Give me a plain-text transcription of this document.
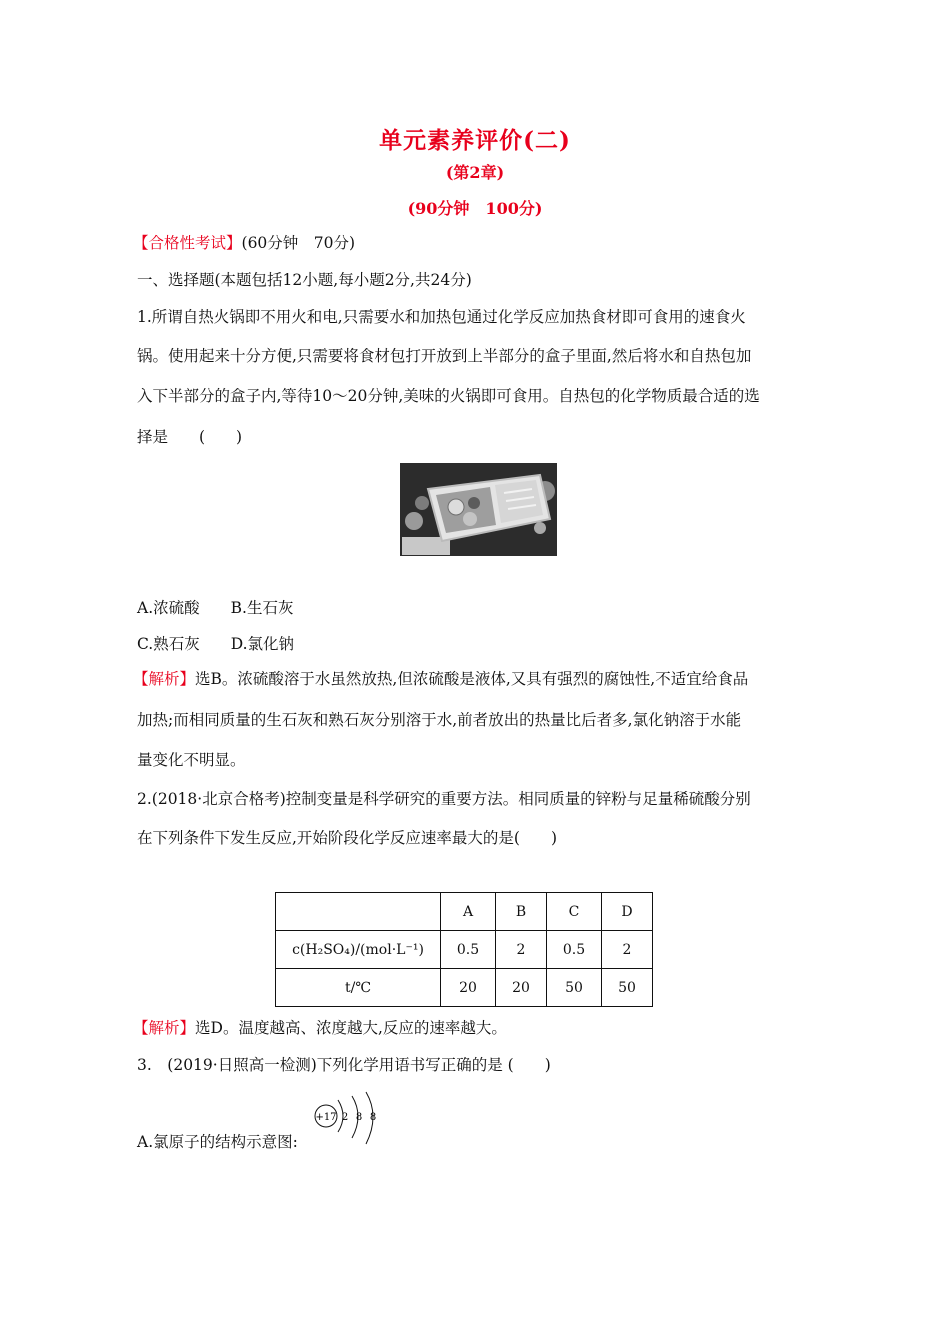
单元素养评价(二)
(第2章)
(90分钟　100分)
【合格性考试】(60分钟　70分)
一、选择题(本题包括12小题,每小题2分,共24分)
1.所谓自热火锅即不用火和电,只需要水和加热包通过化学反应加热食材即可食用的速食火
锅。使用起来十分方便,只需要将食材包打开放到上半部分的盒子里面,然后将水和自热包加
入下半部分的盒子内,等待10～20分钟,美味的火锅即可食用。自热包的化学物质最合适的选
择是　　(　　)
A.浓硫酸　　B.生石灰
C.熟石灰　　D.氯化钠
【解析】选B。浓硫酸溶于水虽然放热,但浓硫酸是液体,又具有强烈的腐蚀性,不适宜给食品
加热;而相同质量的生石灰和熟石灰分别溶于水,前者放出的热量比后者多,氯化钠溶于水能
量变化不明显。
2.(2018·北京合格考)控制变量是科学研究的重要方法。相同质量的锌粉与足量稀硫酸分别
在下列条件下发生反应,开始阶段化学反应速率最大的是(　　)
	A	B	C	D
c(H₂SO₄)/(mol·L⁻¹)	0.5	2	0.5	2
t/℃	20	20	50	50
【解析】选D。温度越高、浓度越大,反应的速率越大。
3.　(2019·日照高一检测)下列化学用语书写正确的是 (　　)
A.氯原子的结构示意图:
+17 2 8 8
